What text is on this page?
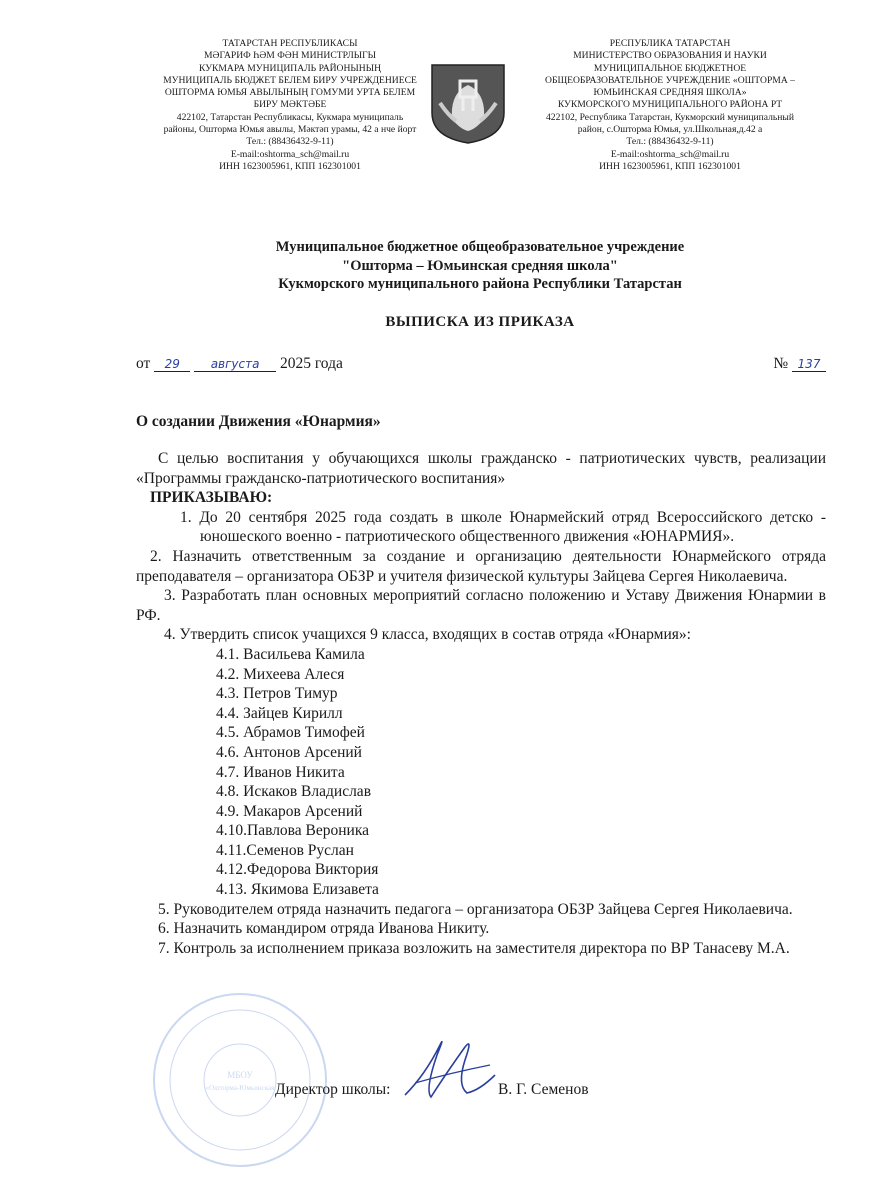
ТАТАРСТАН РЕСПУБЛИКАСЫ
МӘГАРИФ ҺӘМ ФӘН МИНИСТРЛЫГЫ
КУКМАРА МУНИЦИПАЛЬ РАЙОНЫНЫҢ
МУНИЦИПАЛЬ БЮДЖЕТ БЕЛЕМ БИРУ УЧРЕЖДЕНИЕСЕ
ОШТОРМА ЮМЬЯ АВЫЛЫНЫҢ ГОМУМИ УРТА БЕЛЕМ
БИРУ МӘКТӘБЕ
422102, Татарстан Республикасы, Кукмара муниципаль
районы, Ошторма Юмья авылы, Мәктәп урамы, 42 а нче йорт
Тел.: (88436432-9-11)
E-mail:oshtorma_sch@mail.ru
ИНН 1623005961, КПП 162301001
РЕСПУБЛИКА ТАТАРСТАН
МИНИСТЕРСТВО ОБРАЗОВАНИЯ И НАУКИ
МУНИЦИПАЛЬНОЕ БЮДЖЕТНОЕ
ОБЩЕОБРАЗОВАТЕЛЬНОЕ УЧРЕЖДЕНИЕ «ОШТОРМА –
ЮМЬИНСКАЯ СРЕДНЯЯ ШКОЛА»
КУКМОРСКОГО МУНИЦИПАЛЬНОГО РАЙОНА РТ
422102, Республика Татарстан, Кукморский муниципальный
район, с.Ошторма Юмья, ул.Школьная,д.42 а
Тел.: (88436432-9-11)
E-mail:oshtorma_sch@mail.ru
ИНН 1623005961, КПП 162301001
Муниципальное бюджетное общеобразовательное учреждение
"Ошторма – Юмьинская средняя школа"
Кукморского муниципального района Республики Татарстан
ВЫПИСКА ИЗ ПРИКАЗА
от 29	августа 2025 года	№ 137
О создании Движения «Юнармия»

С целью воспитания у обучающихся школы гражданско - патриотических чувств, реализации «Программы гражданско-патриотического воспитания»

ПРИКАЗЫВАЮ:

1. До 20 сентября 2025 года создать в школе Юнармейский отряд Всероссийского детско - юношеского военно - патриотического общественного движения «ЮНАРМИЯ».

2. Назначить ответственным за создание и организацию деятельности Юнармейского отряда преподавателя – организатора ОБЗР и учителя физической культуры Зайцева Сергея Николаевича.

3. Разработать план основных мероприятий согласно положению и Уставу Движения Юнармии в РФ.

4. Утвердить список учащихся 9 класса, входящих в состав отряда «Юнармия»:

4.1. Васильева Камила
4.2. Михеева Алеся
4.3. Петров Тимур
4.4. Зайцев Кирилл
4.5. Абрамов Тимофей
4.6. Антонов Арсений
4.7. Иванов Никита
4.8. Искаков Владислав
4.9. Макаров Арсений
4.10.Павлова Вероника
4.11.Семенов Руслан
4.12.Федорова Виктория
4.13. Якимова Елизавета

5. Руководителем отряда назначить педагога – организатора ОБЗР Зайцева Сергея Николаевича.

6. Назначить командиром отряда Иванова Никиту.

7. Контроль за исполнением приказа возложить на заместителя директора по ВР Танасеву М.А.

МБОУ
«Ошторма-Юмьинская Директор школы:	В. Г. Семенов
